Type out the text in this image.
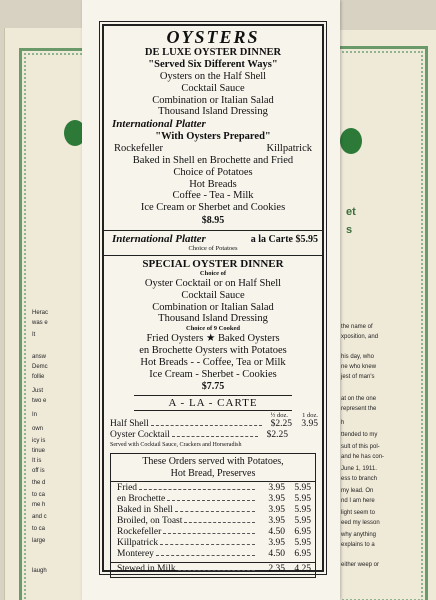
et
s
Herac
was e
It
answ
Demc
follie
Just
two e
In
own
icy is
tinue
It is
off is
the d
to ca
me h
and c
to ca
large
laugh
the name of
xposition, and
his day, who
ne who knew
jest of man's
at on the one
represent the
h
ttended to my
sult of this pol-
and he has con-
June 1, 1911.
ess to branch
my lead. On
nd I am here
light seem to
eed my lesson
why anything
explains to a
either weep or
OYSTERS
DE LUXE OYSTER DINNER
"Served Six Different Ways"
Oysters on the Half Shell
Cocktail Sauce
Combination or Italian Salad
Thousand Island Dressing
International Platter
"With Oysters Prepared"
Rockefeller	Killpatrick
Baked in Shell en Brochette and Fried
Choice of Potatoes
Hot Breads
Coffee - Tea - Milk
Ice Cream or Sherbet and Cookies
$8.95
International Platter	a la Carte $5.95
Choice of Potatoes
SPECIAL OYSTER DINNER
Choice of
Oyster Cocktail or on Half Shell
Cocktail Sauce
Combination or Italian Salad
Thousand Island Dressing
Choice of 9 Cooked
Fried Oysters ★ Baked Oysters
en Brochette Oysters with Potatoes
Hot Breads - - Coffee, Tea or Milk
Ice Cream - Sherbet - Cookies
$7.75
A - LA - CARTE
½ doz.	1 doz.
Half Shell	$2.25 3.95
Oyster Cocktail	$2.25
Served with Cocktail Sauce, Crackers and Horseradish
These Orders served with Potatoes,
Hot Bread, Preserves
Fried	3.95 5.95
en Brochette	3.95 5.95
Baked in Shell	3.95 5.95
Broiled, on Toast	3.95 5.95
Rockefeller	4.50 6.95
Killpatrick	3.95 5.95
Monterey	4.50 6.95
Stewed in Milk	2.35 4.25
